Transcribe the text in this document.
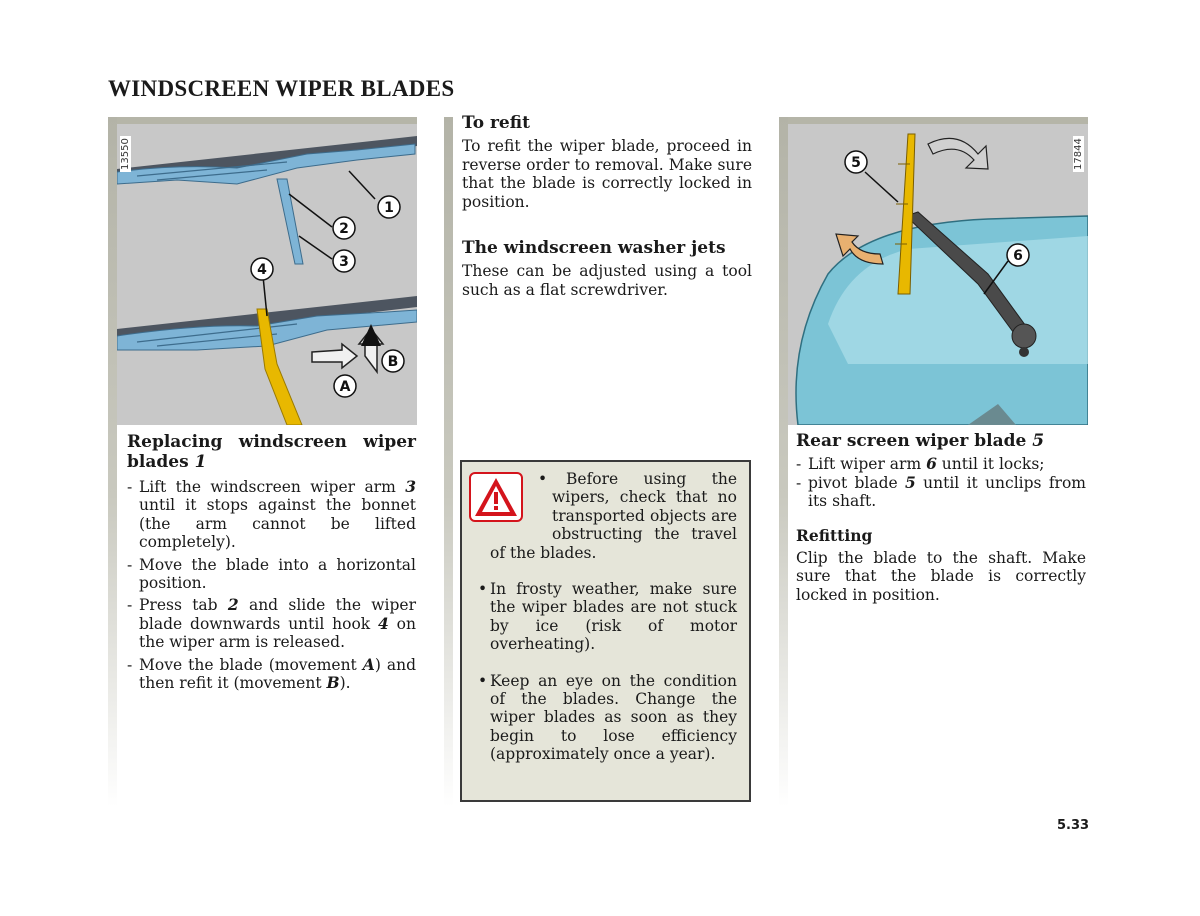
WINDSCREEN WIPER BLADES
1
2
3
4
A
B
13550	5
6
17844
Replacing windscreen wiper blades 1
- Lift the windscreen wiper arm 3 until it stops against the bonnet (the arm cannot be lifted completely).
- Move the blade into a horizontal position.
- Press tab 2 and slide the wiper blade downwards until hook 4 on the wiper arm is released.
- Move the blade (movement A) and then refit it (movement B).
To refit

To refit the wiper blade, proceed in reverse order to removal. Make sure that the blade is correctly locked in position.

The windscreen washer jets

These can be adjusted using a tool such as a flat screwdriver.

•	Before using the wipers, check that no transported objects are obstructing the travel of the blades.
• In frosty weather, make sure the wiper blades are not stuck by ice (risk of motor overheating).
• Keep an eye on the condition of the blades. Change the wiper blades as soon as they begin to lose efficiency (approximately once a year).
Rear screen wiper blade 5
- Lift wiper arm 6 until it locks;
- pivot blade 5 until it unclips from its shaft.
Refitting

Clip the blade to the shaft. Make sure that the blade is correctly locked in position.

5.33
